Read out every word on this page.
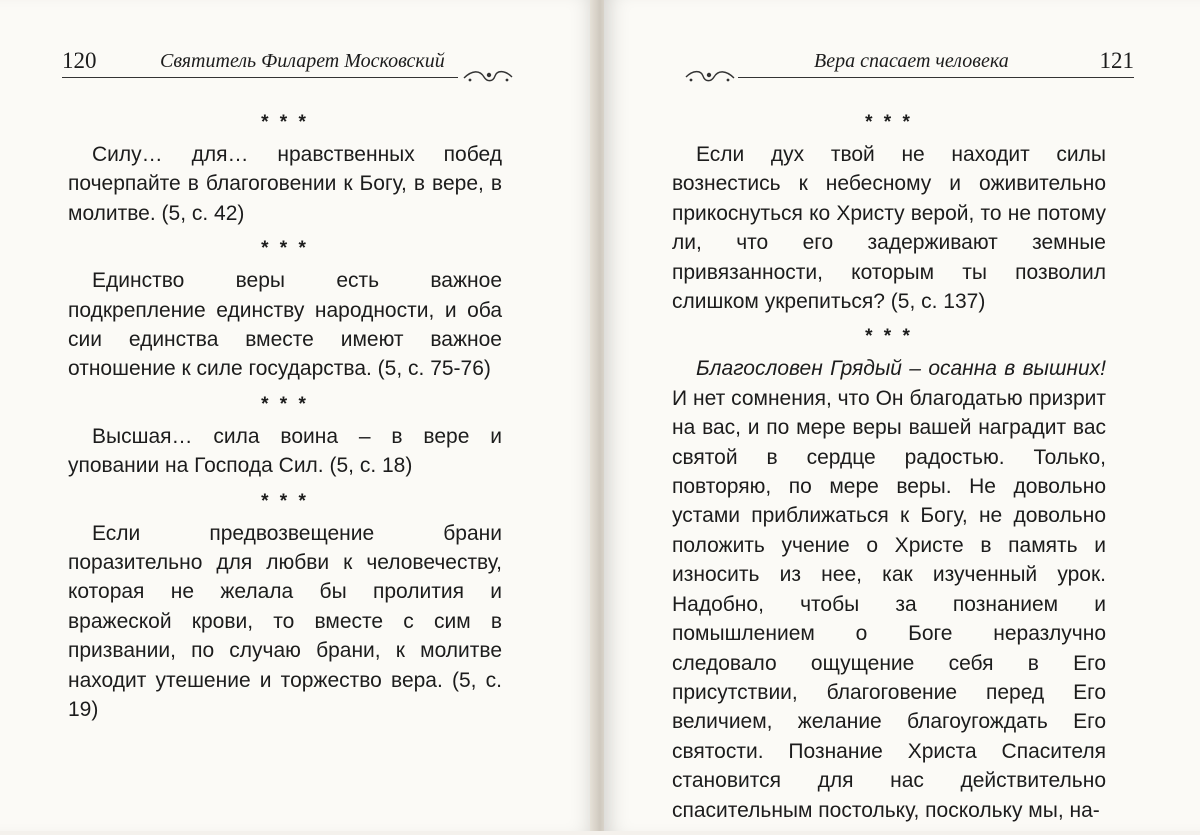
120	Святитель Филарет Московский
* * *

Силу… для… нравственных побед почерпайте в благоговении к Богу, в вере, в молитве. (5, с. 42)

* * *

Единство веры есть важное подкрепление единству народности, и оба сии единства вместе имеют важное отношение к силе государства. (5, с. 75-76)

* * *

Высшая… сила воина – в вере и уповании на Господа Сил. (5, с. 18)

* * *

Если предвозвещение брани поразительно для любви к человечеству, которая не желала бы пролития и вражеской крови, то вместе с сим в призвании, по случаю брани, к молитве находит утешение и торжество вера. (5, с. 19)

Вера спасает человека	121
* * *

Если дух твой не находит силы вознестись к небесному и оживительно прикоснуться ко Христу верой, то не потому ли, что его задерживают земные привязанности, которым ты позволил слишком укрепиться? (5, с. 137)

* * *

Благословен Грядый – осанна в вышних! И нет сомнения, что Он благодатью призрит на вас, и по мере веры вашей наградит вас святой в сердце радостью. Только, повторяю, по мере веры. Не довольно устами приближаться к Богу, не довольно положить учение о Христе в память и износить из нее, как изученный урок. Надобно, чтобы за познанием и помышлением о Боге неразлучно следовало ощущение себя в Его присутствии, благоговение перед Его величием, желание благоугождать Его святости. Познание Христа Спасителя становится для нас действительно спасительным постольку, поскольку мы, на-
